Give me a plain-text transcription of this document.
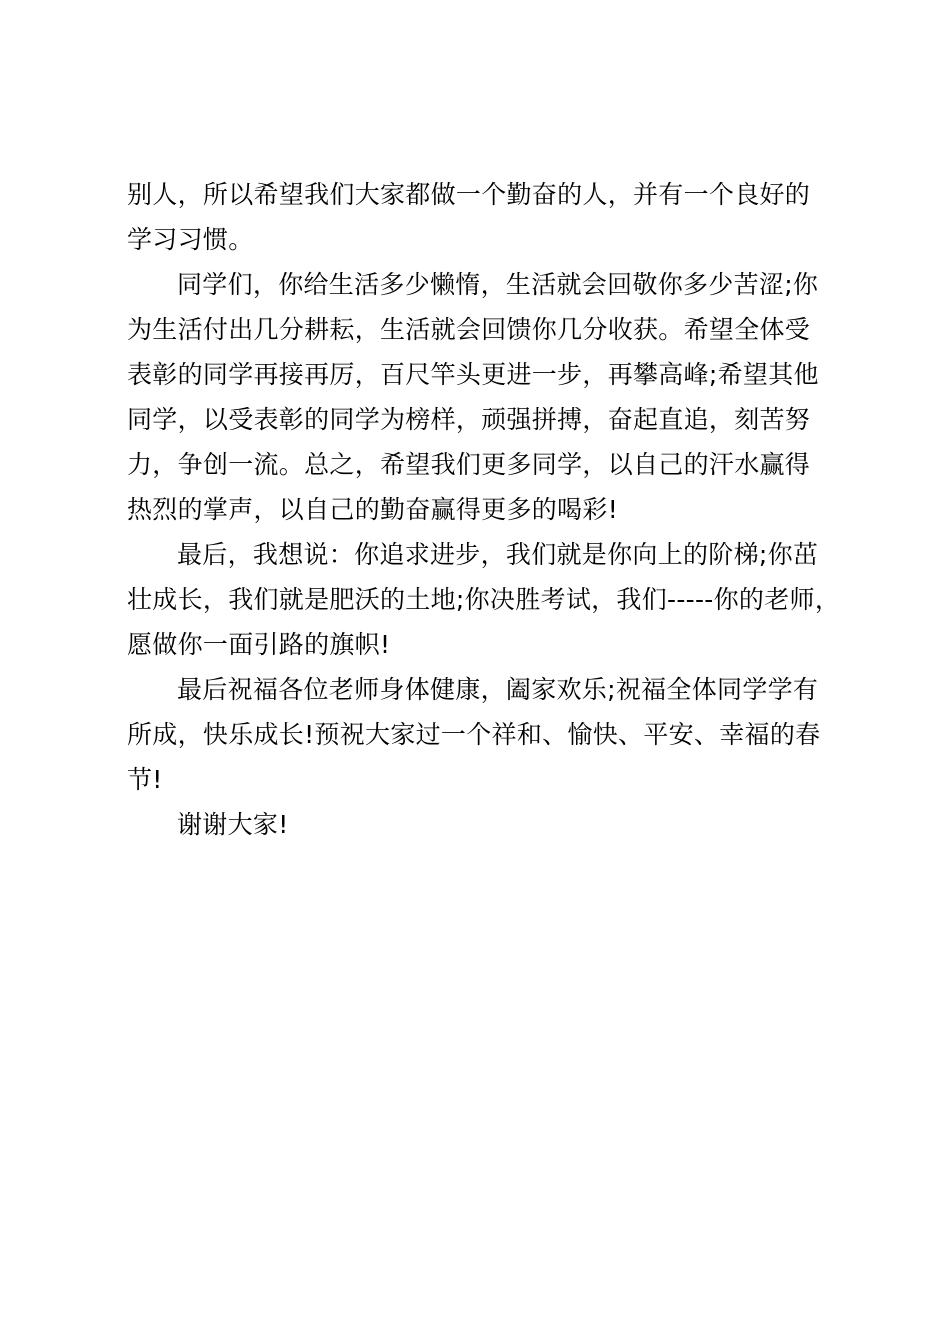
别人，所以希望我们大家都做一个勤奋的人，并有一个良好的
学习习惯。

同学们，你给生活多少懒惰，生活就会回敬你多少苦涩;你
为生活付出几分耕耘，生活就会回馈你几分收获。希望全体受
表彰的同学再接再厉，百尺竿头更进一步，再攀高峰;希望其他
同学，以受表彰的同学为榜样，顽强拼搏，奋起直追，刻苦努
力，争创一流。总之，希望我们更多同学，以自己的汗水赢得
热烈的掌声，以自己的勤奋赢得更多的喝彩!

最后，我想说：你追求进步，我们就是你向上的阶梯;你茁
壮成长，我们就是肥沃的土地;你决胜考试，我们-----你的老师，
愿做你一面引路的旗帜!

最后祝福各位老师身体健康，阖家欢乐;祝福全体同学学有
所成，快乐成长!预祝大家过一个祥和、愉快、平安、幸福的春
节!

谢谢大家!
